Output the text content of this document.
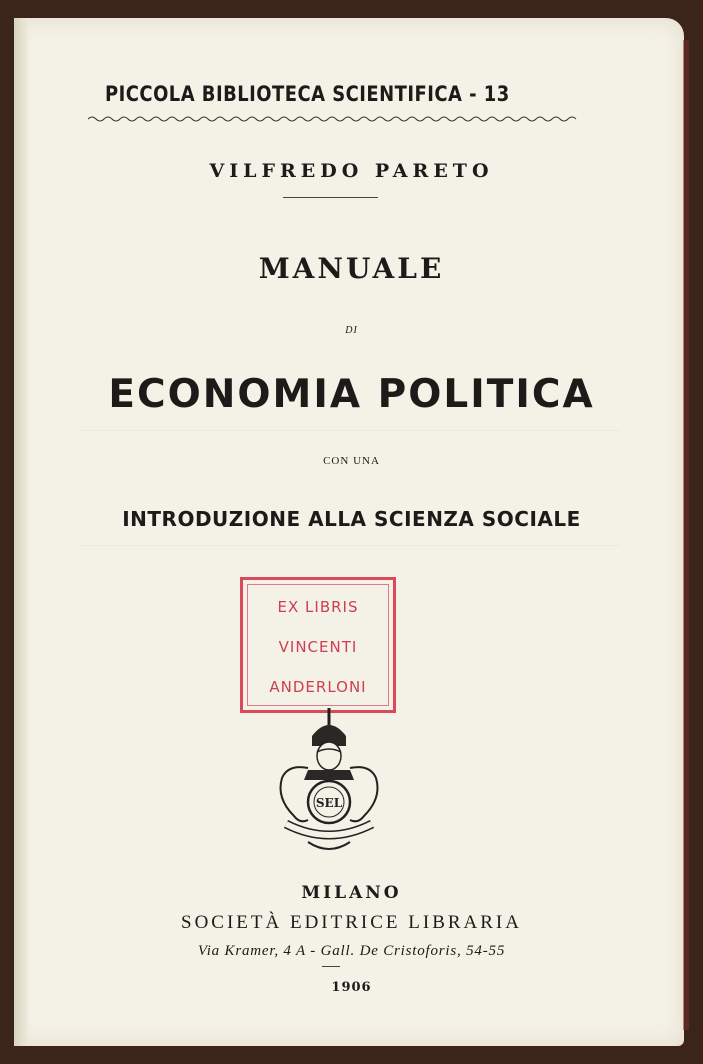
PICCOLA BIBLIOTECA SCIENTIFICA - 13
VILFREDO PARETO
MANUALE
DI
ECONOMIA POLITICA
CON UNA
INTRODUZIONE ALLA SCIENZA SOCIALE
EX LIBRIS
VINCENTI
ANDERLONI
SEL
MILANO
SOCIETÀ EDITRICE LIBRARIA
Via Kramer, 4 A - Gall. De Cristoforis, 54-55
1906
